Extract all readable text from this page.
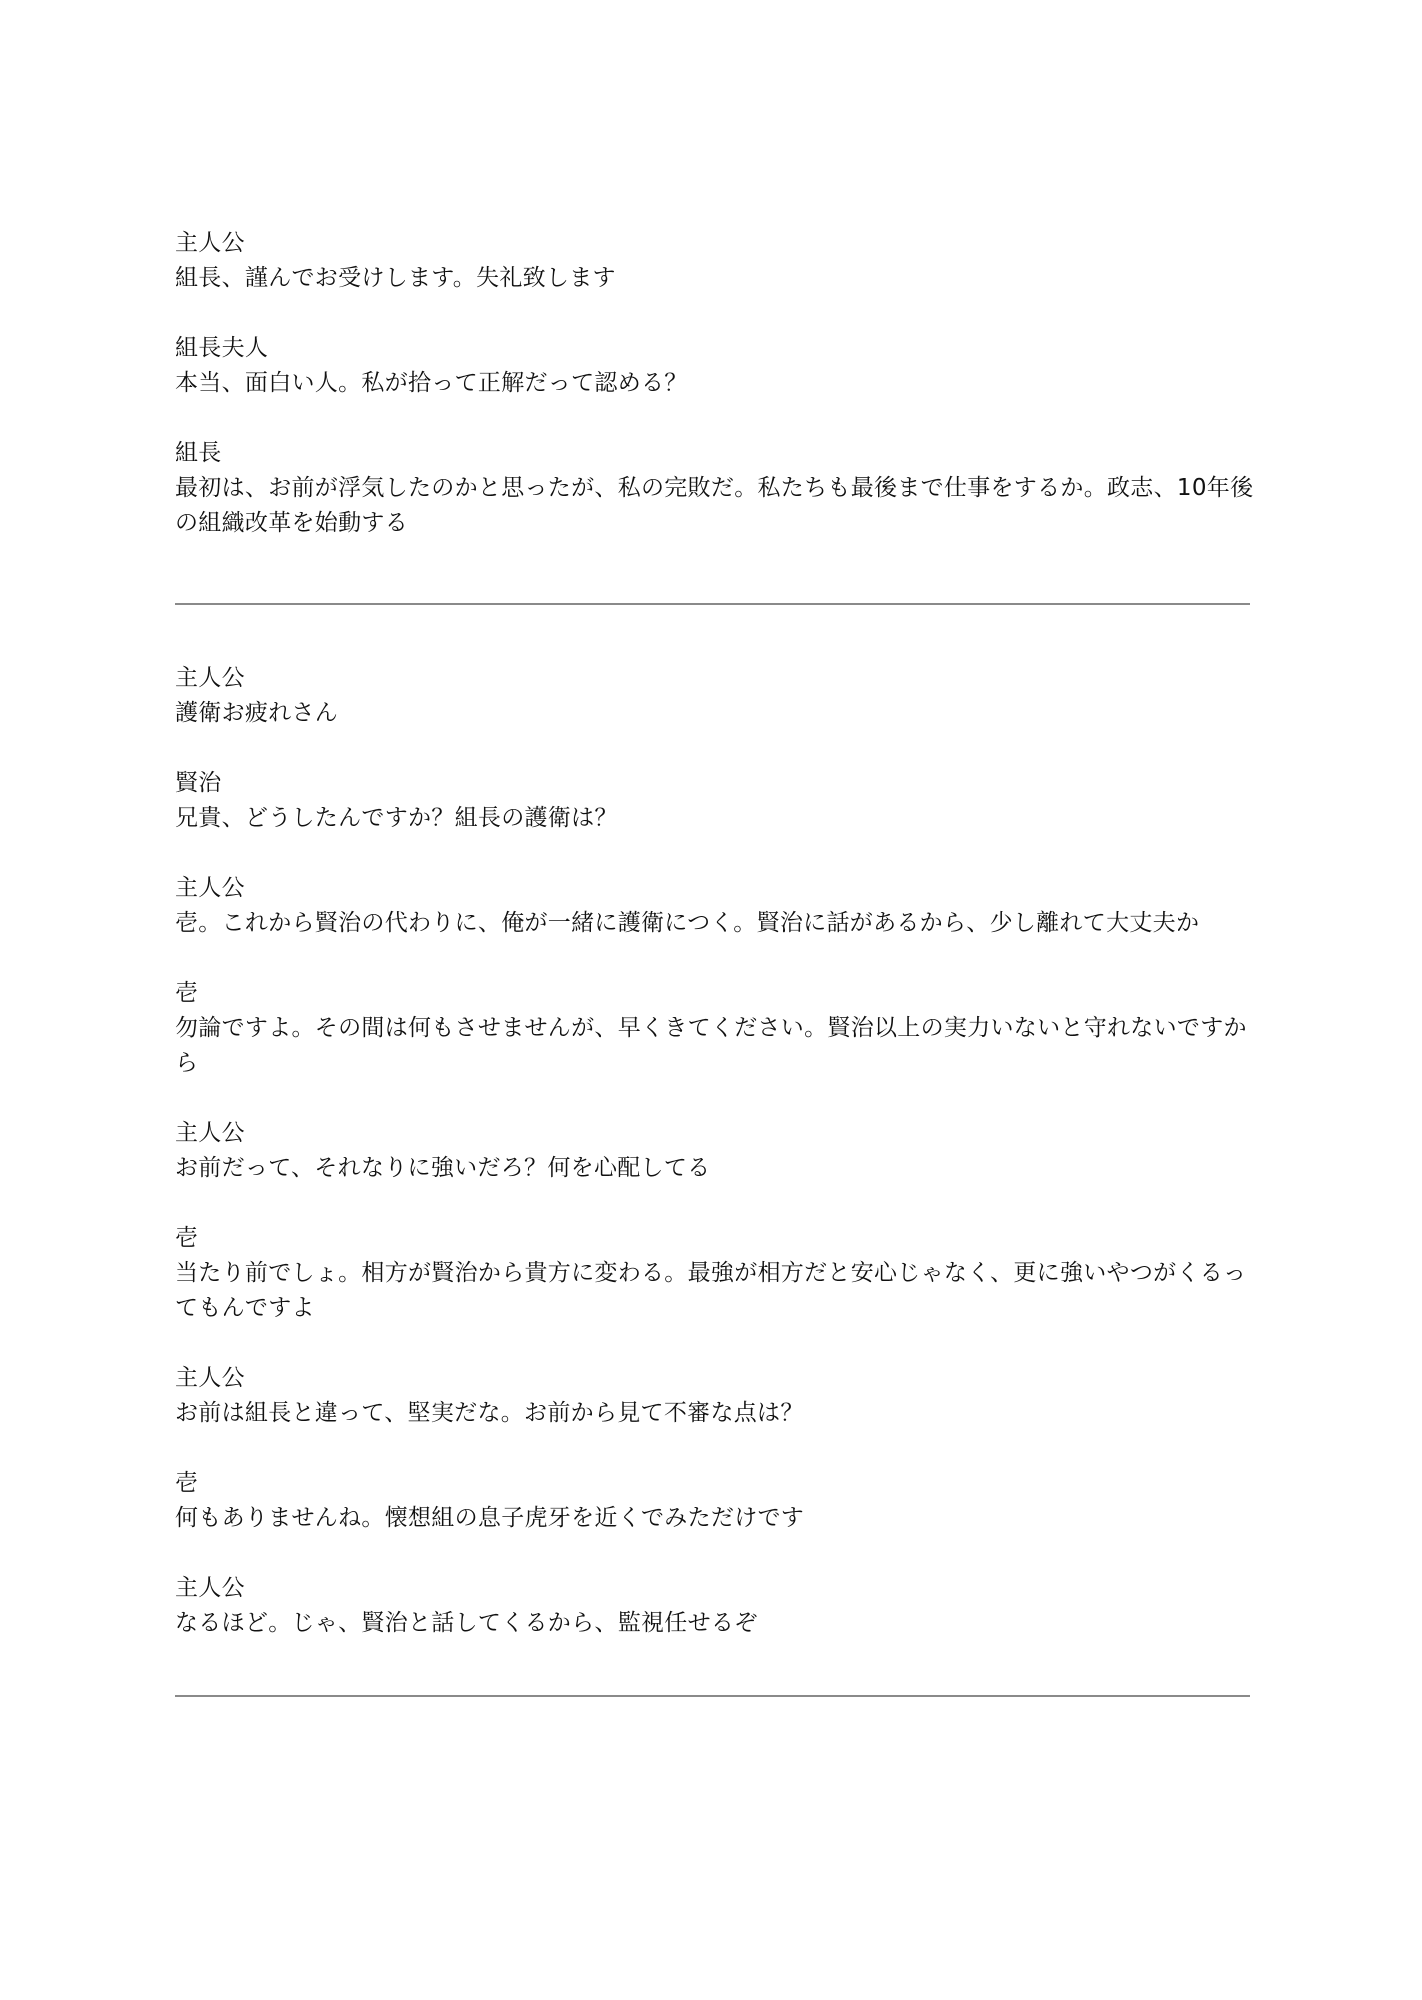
主人公
組長、謹んでお受けします。失礼致します
組長夫人
本当、面白い人。私が拾って正解だって認める？
組長
最初は、お前が浮気したのかと思ったが、私の完敗だ。私たちも最後まで仕事をするか。政志、10年後の組織改革を始動する
主人公
護衛お疲れさん
賢治
兄貴、どうしたんですか？組長の護衛は？
主人公
壱。これから賢治の代わりに、俺が一緒に護衛につく。賢治に話があるから、少し離れて大丈夫か
壱
勿論ですよ。その間は何もさせませんが、早くきてください。賢治以上の実力いないと守れないですから
主人公
お前だって、それなりに強いだろ？何を心配してる
壱
当たり前でしょ。相方が賢治から貴方に変わる。最強が相方だと安心じゃなく、更に強いやつがくるってもんですよ
主人公
お前は組長と違って、堅実だな。お前から見て不審な点は？
壱
何もありませんね。懐想組の息子虎牙を近くでみただけです
主人公
なるほど。じゃ、賢治と話してくるから、監視任せるぞ
